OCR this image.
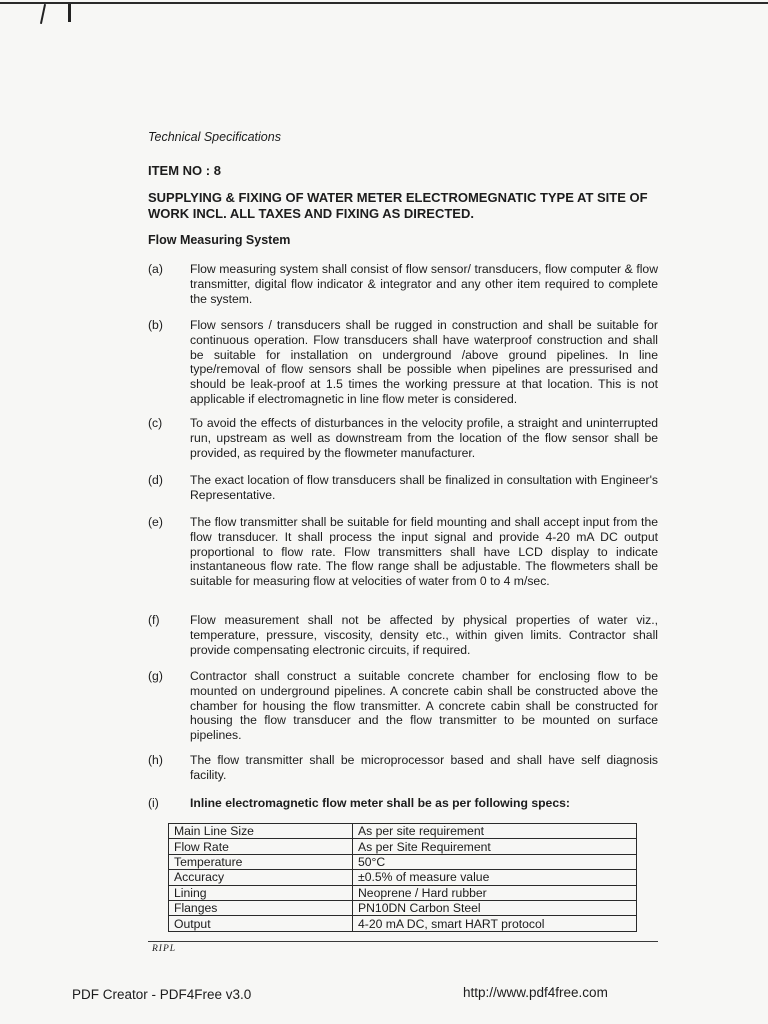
Technical Specifications

ITEM NO : 8

SUPPLYING & FIXING OF WATER METER ELECTROMEGNATIC TYPE AT SITE OF WORK INCL. ALL TAXES AND FIXING AS DIRECTED.

Flow Measuring System

(a) Flow measuring system shall consist of flow sensor/ transducers, flow computer & flow transmitter, digital flow indicator & integrator and any other item required to complete the system.
(b) Flow sensors / transducers shall be rugged in construction and shall be suitable for continuous operation. Flow transducers shall have waterproof construction and shall be suitable for installation on underground /above ground pipelines. In line type/removal of flow sensors shall be possible when pipelines are pressurised and should be leak-proof at 1.5 times the working pressure at that location. This is not applicable if electromagnetic in line flow meter is considered.
(c) To avoid the effects of disturbances in the velocity profile, a straight and uninterrupted run, upstream as well as downstream from the location of the flow sensor shall be provided, as required by the flowmeter manufacturer.
(d) The exact location of flow transducers shall be finalized in consultation with Engineer's Representative.
(e) The flow transmitter shall be suitable for field mounting and shall accept input from the flow transducer. It shall process the input signal and provide 4-20 mA DC output proportional to flow rate. Flow transmitters shall have LCD display to indicate instantaneous flow rate. The flow range shall be adjustable. The flowmeters shall be suitable for measuring flow at velocities of water from 0 to 4 m/sec.
(f) Flow measurement shall not be affected by physical properties of water viz., temperature, pressure, viscosity, density etc., within given limits. Contractor shall provide compensating electronic circuits, if required.
(g) Contractor shall construct a suitable concrete chamber for enclosing flow to be mounted on underground pipelines. A concrete cabin shall be constructed above the chamber for housing the flow transmitter. A concrete cabin shall be constructed for housing the flow transducer and the flow transmitter to be mounted on surface pipelines.
(h) The flow transmitter shall be microprocessor based and shall have self diagnosis facility.
(i)	Inline electromagnetic flow meter shall be as per following specs:
Main Line Size	As per site requirement
Flow Rate	As per Site Requirement
Temperature	50°C
Accuracy	±0.5% of measure value
Lining	Neoprene / Hard rubber
Flanges	PN10DN Carbon Steel
Output	4-20 mA DC, smart HART protocol

RIPL

PDF Creator - PDF4Free v3.0	http://www.pdf4free.com
